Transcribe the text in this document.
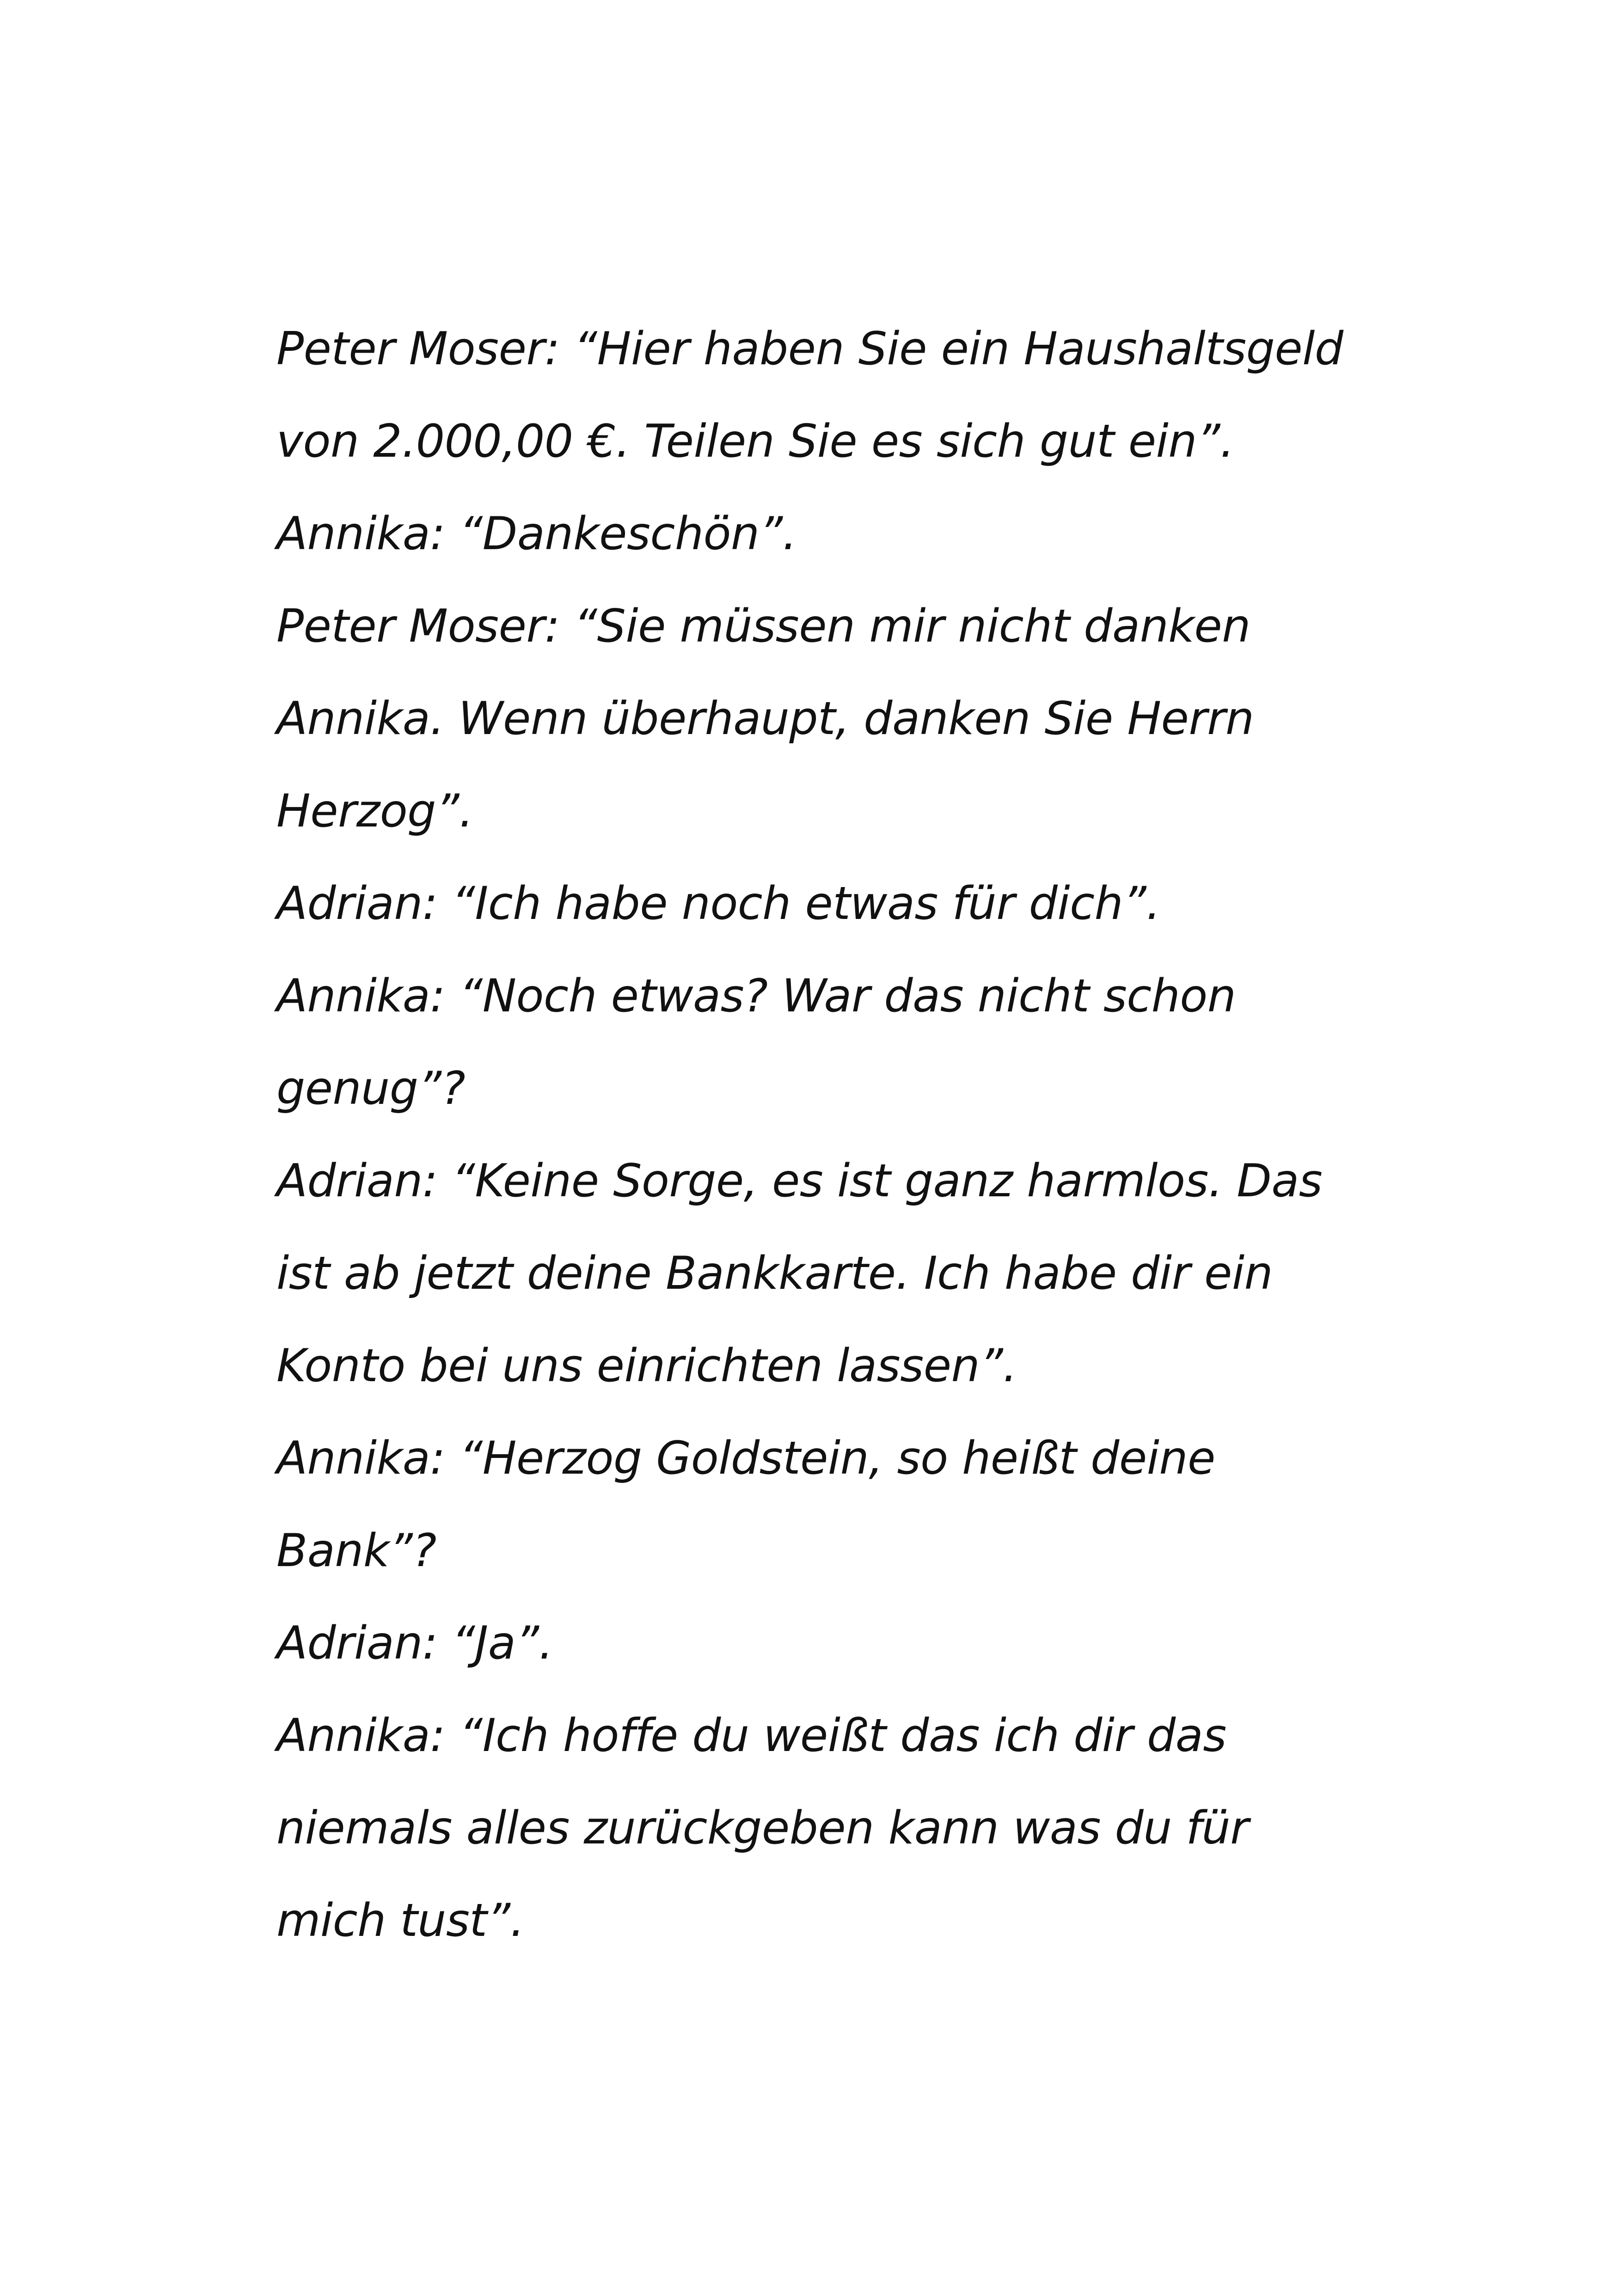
Peter Moser: “Hier haben Sie ein Haushaltsgeld
von 2.000,00 €. Teilen Sie es sich gut ein”.
Annika: “Dankeschön”.
Peter Moser: “Sie müssen mir nicht danken
Annika. Wenn überhaupt, danken Sie Herrn
Herzog”.
Adrian: “Ich habe noch etwas für dich”.
Annika: “Noch etwas? War das nicht schon
genug”?
Adrian: “Keine Sorge, es ist ganz harmlos. Das
ist ab jetzt deine Bankkarte. Ich habe dir ein
Konto bei uns einrichten lassen”.
Annika: “Herzog Goldstein, so heißt deine
Bank”?
Adrian: “Ja”.
Annika: “Ich hoffe du weißt das ich dir das
niemals alles zurückgeben kann was du für
mich tust”.
